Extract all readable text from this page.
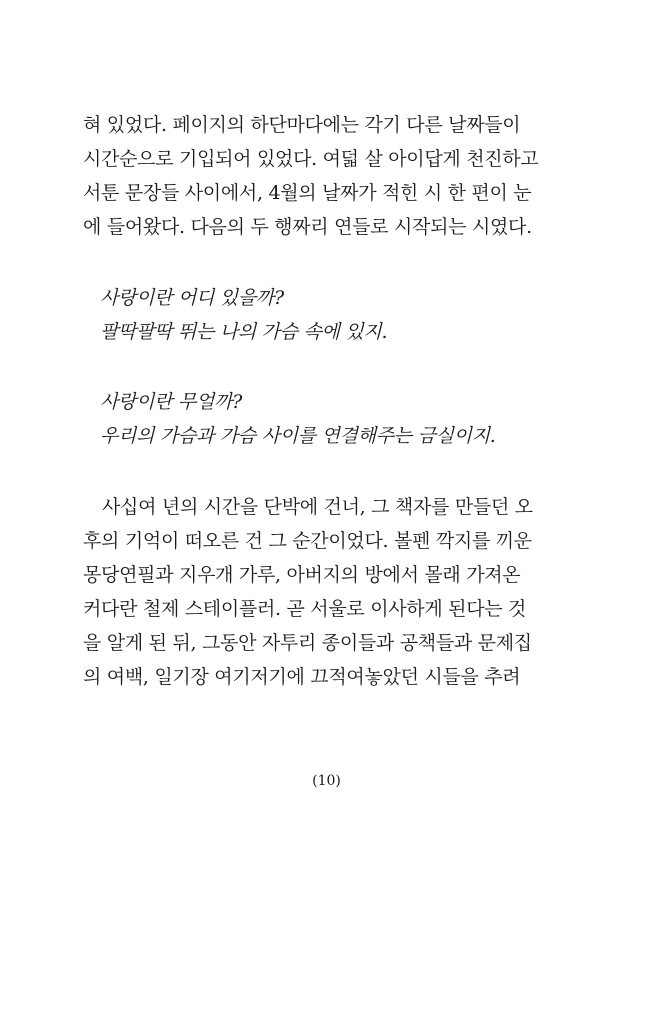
혀 있었다. 페이지의 하단마다에는 각기 다른 날짜들이
시간순으로 기입되어 있었다. 여덟 살 아이답게 천진하고
서툰 문장들 사이에서, 4월의 날짜가 적힌 시 한 편이 눈
에 들어왔다. 다음의 두 행짜리 연들로 시작되는 시였다.
사랑이란 어디 있을까?
팔딱팔딱 뛰는 나의 가슴 속에 있지.
사랑이란 무얼까?
우리의 가슴과 가슴 사이를 연결해주는 금실이지.
사십여 년의 시간을 단박에 건너, 그 책자를 만들던 오
후의 기억이 떠오른 건 그 순간이었다. 볼펜 깍지를 끼운
몽당연필과 지우개 가루, 아버지의 방에서 몰래 가져온
커다란 철제 스테이플러. 곧 서울로 이사하게 된다는 것
을 알게 된 뒤, 그동안 자투리 종이들과 공책들과 문제집
의 여백, 일기장 여기저기에 끄적여놓았던 시들을 추려
(10)
